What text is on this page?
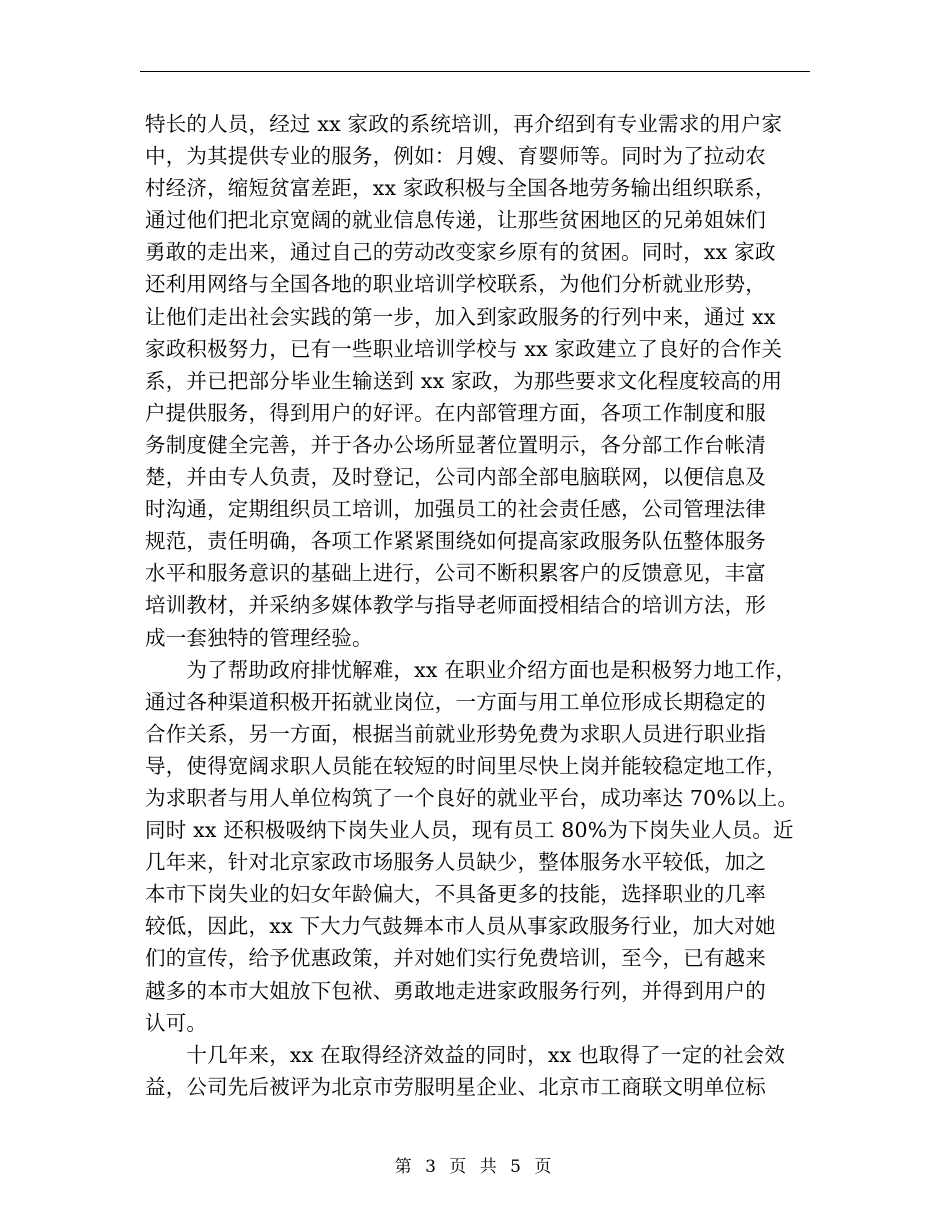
特长的人员，经过 xx 家政的系统培训，再介绍到有专业需求的用户家
中，为其提供专业的服务，例如：月嫂、育婴师等。同时为了拉动农
村经济，缩短贫富差距，xx 家政积极与全国各地劳务输出组织联系，
通过他们把北京宽阔的就业信息传递，让那些贫困地区的兄弟姐妹们
勇敢的走出来，通过自己的劳动改变家乡原有的贫困。同时，xx 家政
还利用网络与全国各地的职业培训学校联系，为他们分析就业形势，
让他们走出社会实践的第一步，加入到家政服务的行列中来，通过 xx
家政积极努力，已有一些职业培训学校与 xx 家政建立了良好的合作关
系，并已把部分毕业生输送到 xx 家政，为那些要求文化程度较高的用
户提供服务，得到用户的好评。在内部管理方面，各项工作制度和服
务制度健全完善，并于各办公场所显著位置明示，各分部工作台帐清
楚，并由专人负责，及时登记，公司内部全部电脑联网，以便信息及
时沟通，定期组织员工培训，加强员工的社会责任感，公司管理法律
规范，责任明确，各项工作紧紧围绕如何提高家政服务队伍整体服务
水平和服务意识的基础上进行，公司不断积累客户的反馈意见，丰富
培训教材，并采纳多媒体教学与指导老师面授相结合的培训方法，形
成一套独特的管理经验。
　　为了帮助政府排忧解难，xx 在职业介绍方面也是积极努力地工作，
通过各种渠道积极开拓就业岗位，一方面与用工单位形成长期稳定的
合作关系，另一方面，根据当前就业形势免费为求职人员进行职业指
导，使得宽阔求职人员能在较短的时间里尽快上岗并能较稳定地工作，
为求职者与用人单位构筑了一个良好的就业平台，成功率达 70%以上。
同时 xx 还积极吸纳下岗失业人员，现有员工 80%为下岗失业人员。近
几年来，针对北京家政市场服务人员缺少，整体服务水平较低，加之
本市下岗失业的妇女年龄偏大，不具备更多的技能，选择职业的几率
较低，因此，xx 下大力气鼓舞本市人员从事家政服务行业，加大对她
们的宣传，给予优惠政策，并对她们实行免费培训，至今，已有越来
越多的本市大姐放下包袱、勇敢地走进家政服务行列，并得到用户的
认可。
　　十几年来，xx 在取得经济效益的同时，xx 也取得了一定的社会效
益，公司先后被评为北京市劳服明星企业、北京市工商联文明单位标
第 3 页 共 5 页
